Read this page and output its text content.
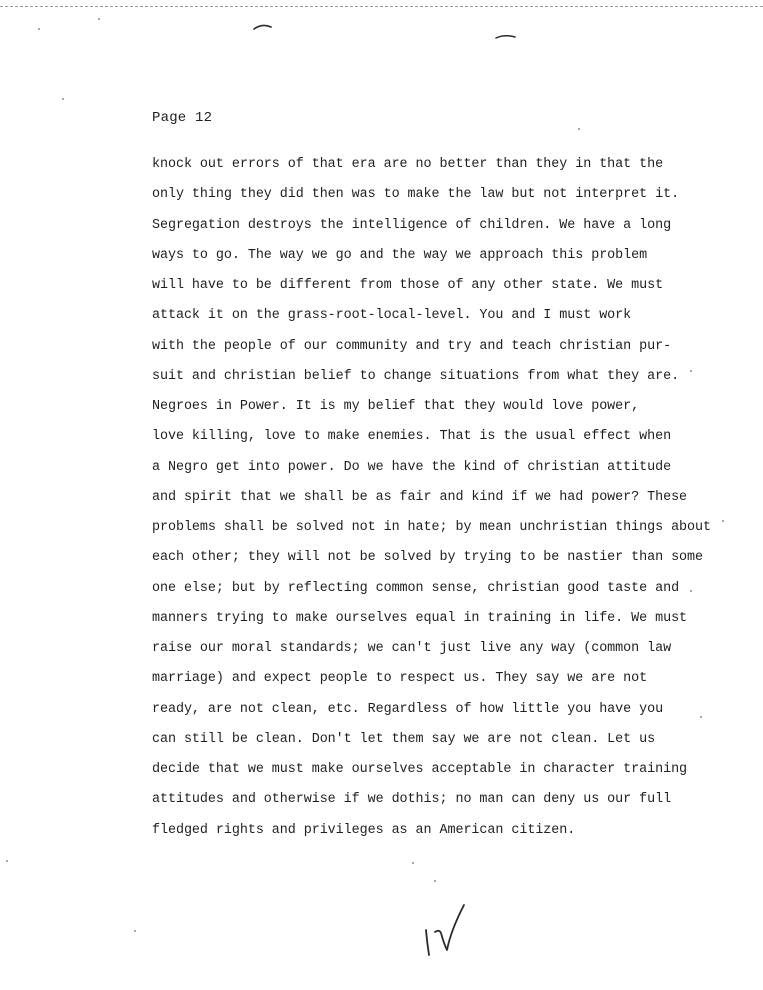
Page 12
knock out errors of that era are no better than they in that the
only thing they did then was to make the law but not interpret it.
Segregation destroys the intelligence of children. We have a long
ways to go. The way we go and the way we approach this problem
will have to be different from those of any other state. We must
attack it on the grass-root-local-level. You and I must work
with the people of our community and try and teach christian pur-
suit and christian belief to change situations from what they are.
Negroes in Power. It is my belief that they would love power,
love killing, love to make enemies. That is the usual effect when
a Negro get into power. Do we have the kind of christian attitude
and spirit that we shall be as fair and kind if we had power? These
problems shall be solved not in hate; by mean unchristian things about
each other; they will not be solved by trying to be nastier than some
one else; but by reflecting common sense, christian good taste and
manners trying to make ourselves equal in training in life. We must
raise our moral standards; we can't just live any way (common law
marriage) and expect people to respect us. They say we are not
ready, are not clean, etc. Regardless of how little you have you
can still be clean. Don't let them say we are not clean. Let us
decide that we must make ourselves acceptable in character training
attitudes and otherwise if we dothis; no man can deny us our full
fledged rights and privileges as an American citizen.
